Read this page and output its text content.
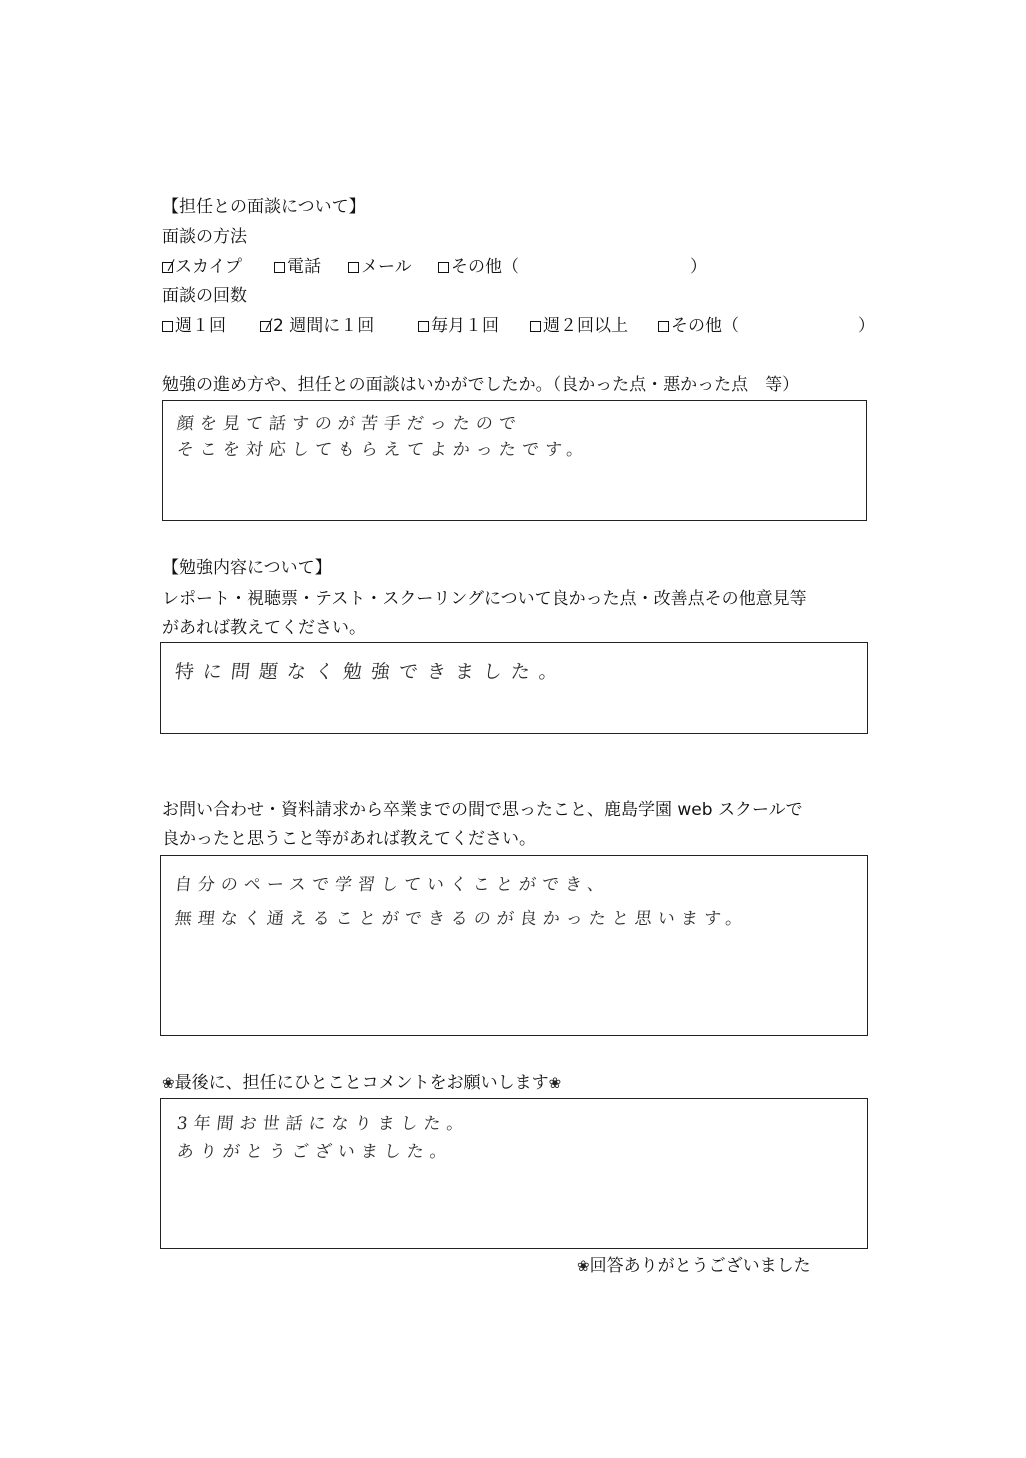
【担任との面談について】
面談の方法
スカイプ	電話	メール	その他（	）
面談の回数
週１回	2 週間に１回	毎月１回	週２回以上	その他（	）
勉強の進め方や、担任との面談はいかがでしたか。（良かった点・悪かった点　等）
顔を見て話すのが苦手だったので
そこを対応してもらえてよかったです。
【勉強内容について】
レポート・視聴票・テスト・スクーリングについて良かった点・改善点その他意見等
があれば教えてください。
特に問題なく勉強できました。
お問い合わせ・資料請求から卒業までの間で思ったこと、鹿島学園 web スクールで
良かったと思うこと等があれば教えてください。
自分のペースで学習していくことができ、
無理なく通えることができるのが良かったと思います。
❀最後に、担任にひとことコメントをお願いします❀
3年間お世話になりました。
ありがとうございました。
❀回答ありがとうございました
